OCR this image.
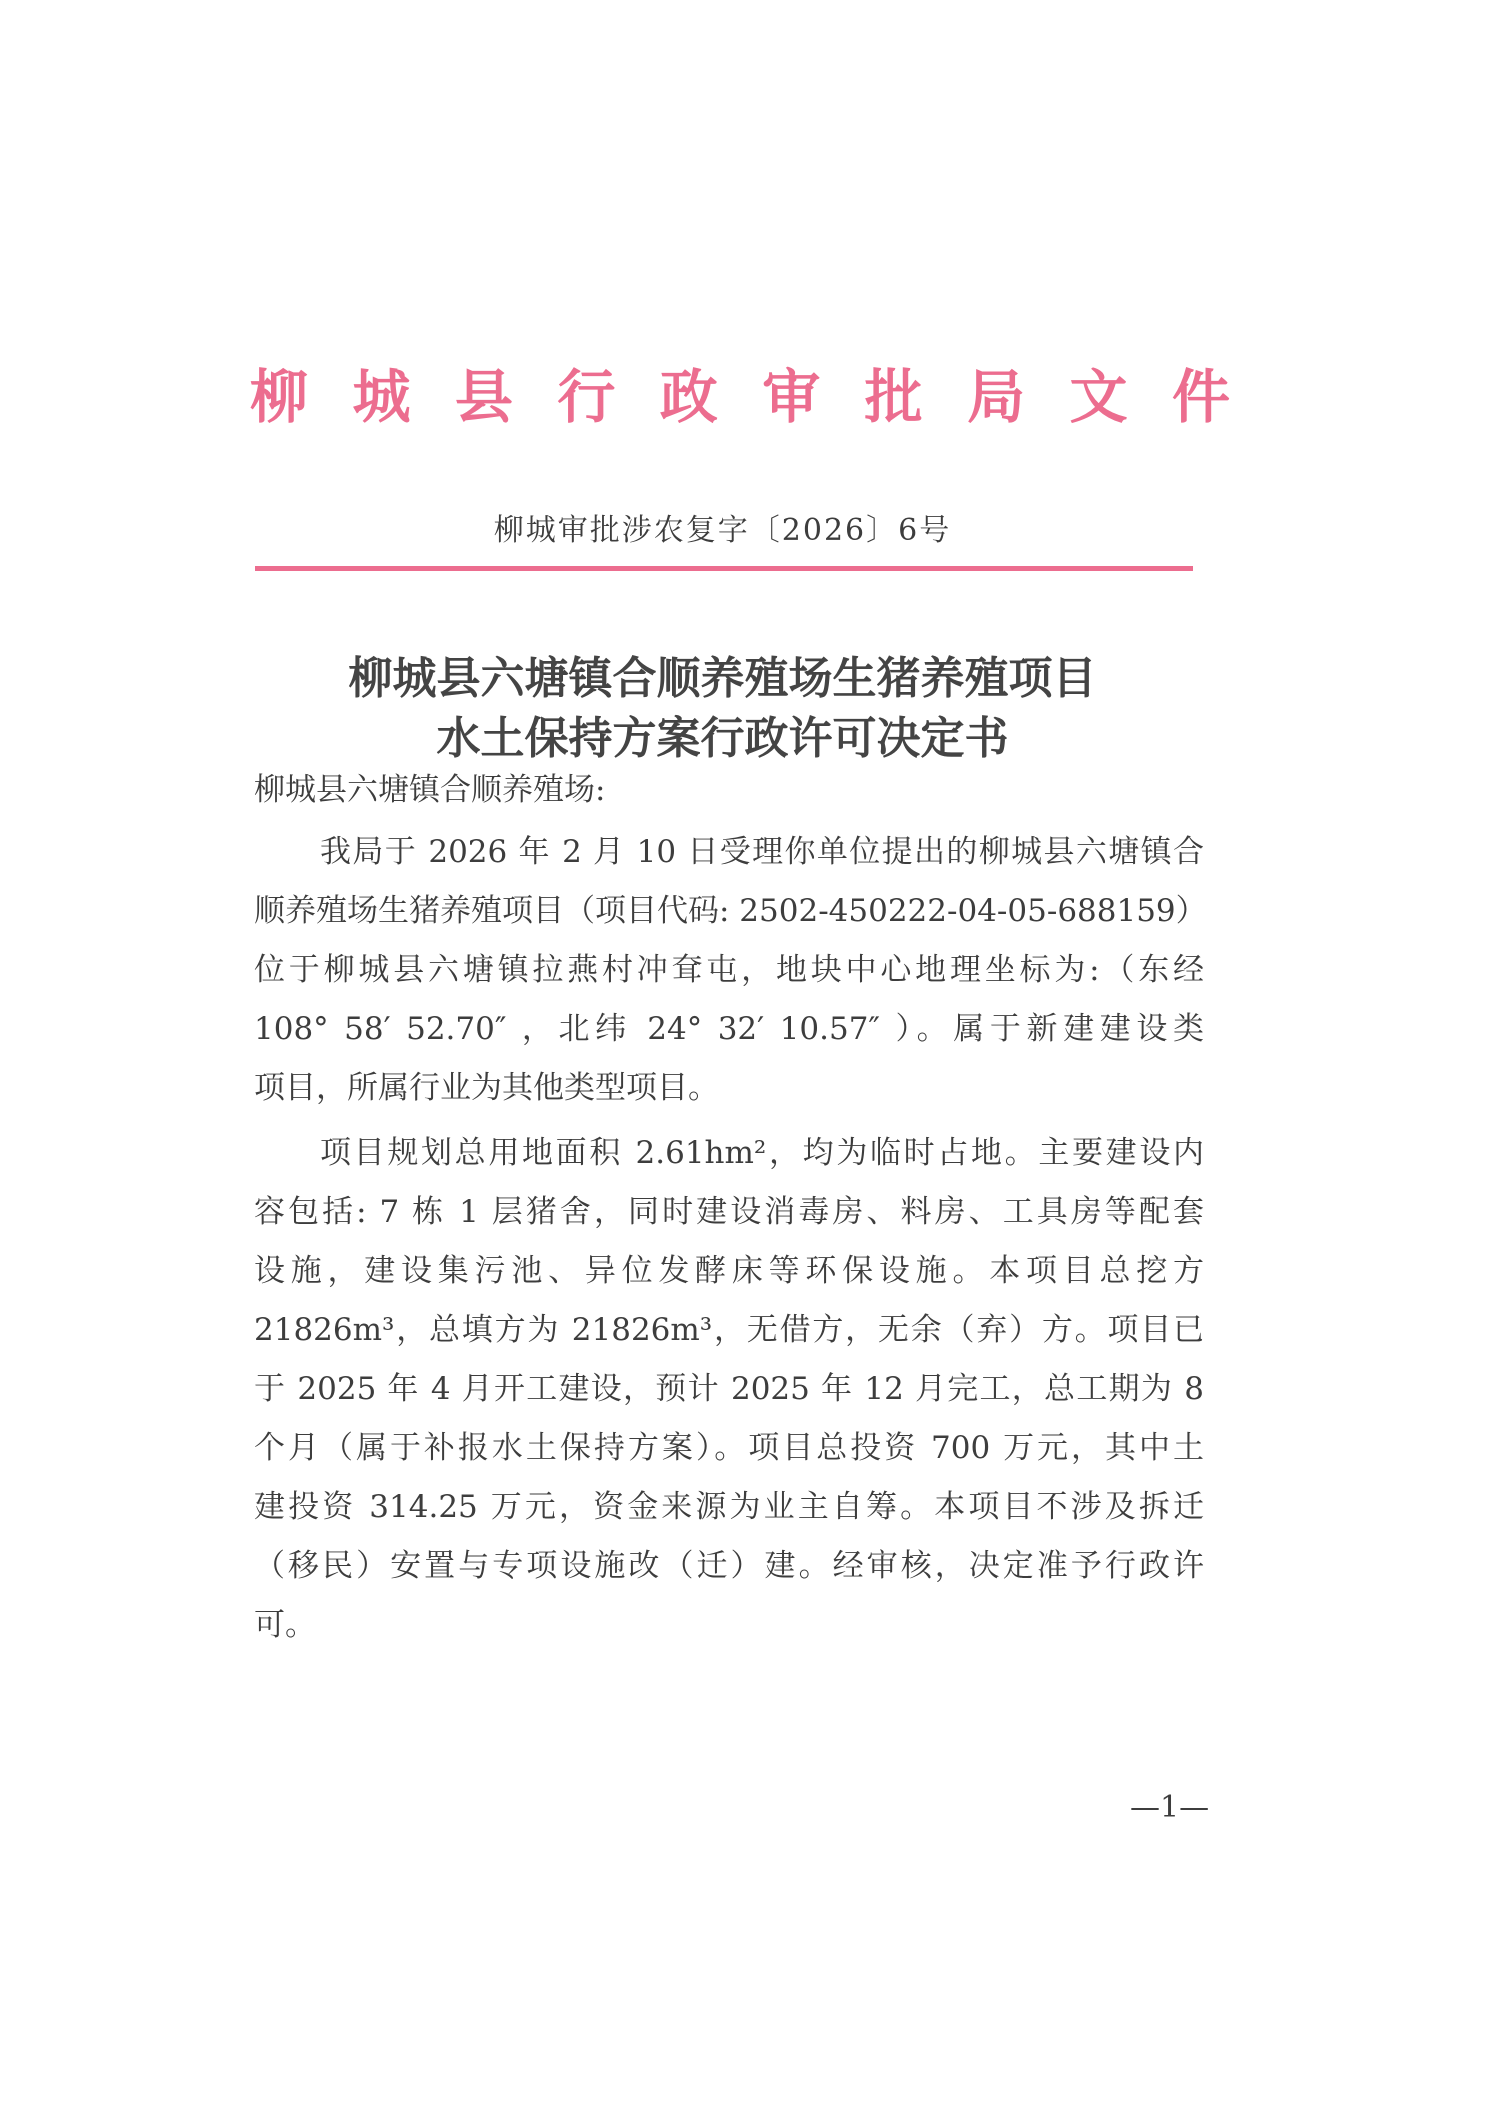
柳 城 县 行 政 审 批 局 文 件
柳城审批涉农复字〔2026〕6号
柳城县六塘镇合顺养殖场生猪养殖项目
水土保持方案行政许可决定书
柳城县六塘镇合顺养殖场:
我局于 2026 年 2 月 10 日受理你单位提出的柳城县六塘镇合
顺养殖场生猪养殖项目（项目代码: 2502-450222-04-05-688159）
位于柳城县六塘镇拉燕村冲耷屯，地块中心地理坐标为:（东经
108° 58′ 52.70″ ，北纬 24° 32′ 10.57″ ）。属于新建建设类
项目，所属行业为其他类型项目。
项目规划总用地面积 2.61hm²，均为临时占地。主要建设内
容包括: 7 栋 1 层猪舍，同时建设消毒房、料房、工具房等配套
设施，建设集污池、异位发酵床等环保设施。本项目总挖方
21826m³，总填方为 21826m³，无借方，无余（弃）方。项目已
于 2025 年 4 月开工建设，预计 2025 年 12 月完工，总工期为 8
个月（属于补报水土保持方案）。项目总投资 700 万元，其中土
建投资 314.25 万元，资金来源为业主自筹。本项目不涉及拆迁
（移民）安置与专项设施改（迁）建。经审核，决定准予行政许
可。
—1—
